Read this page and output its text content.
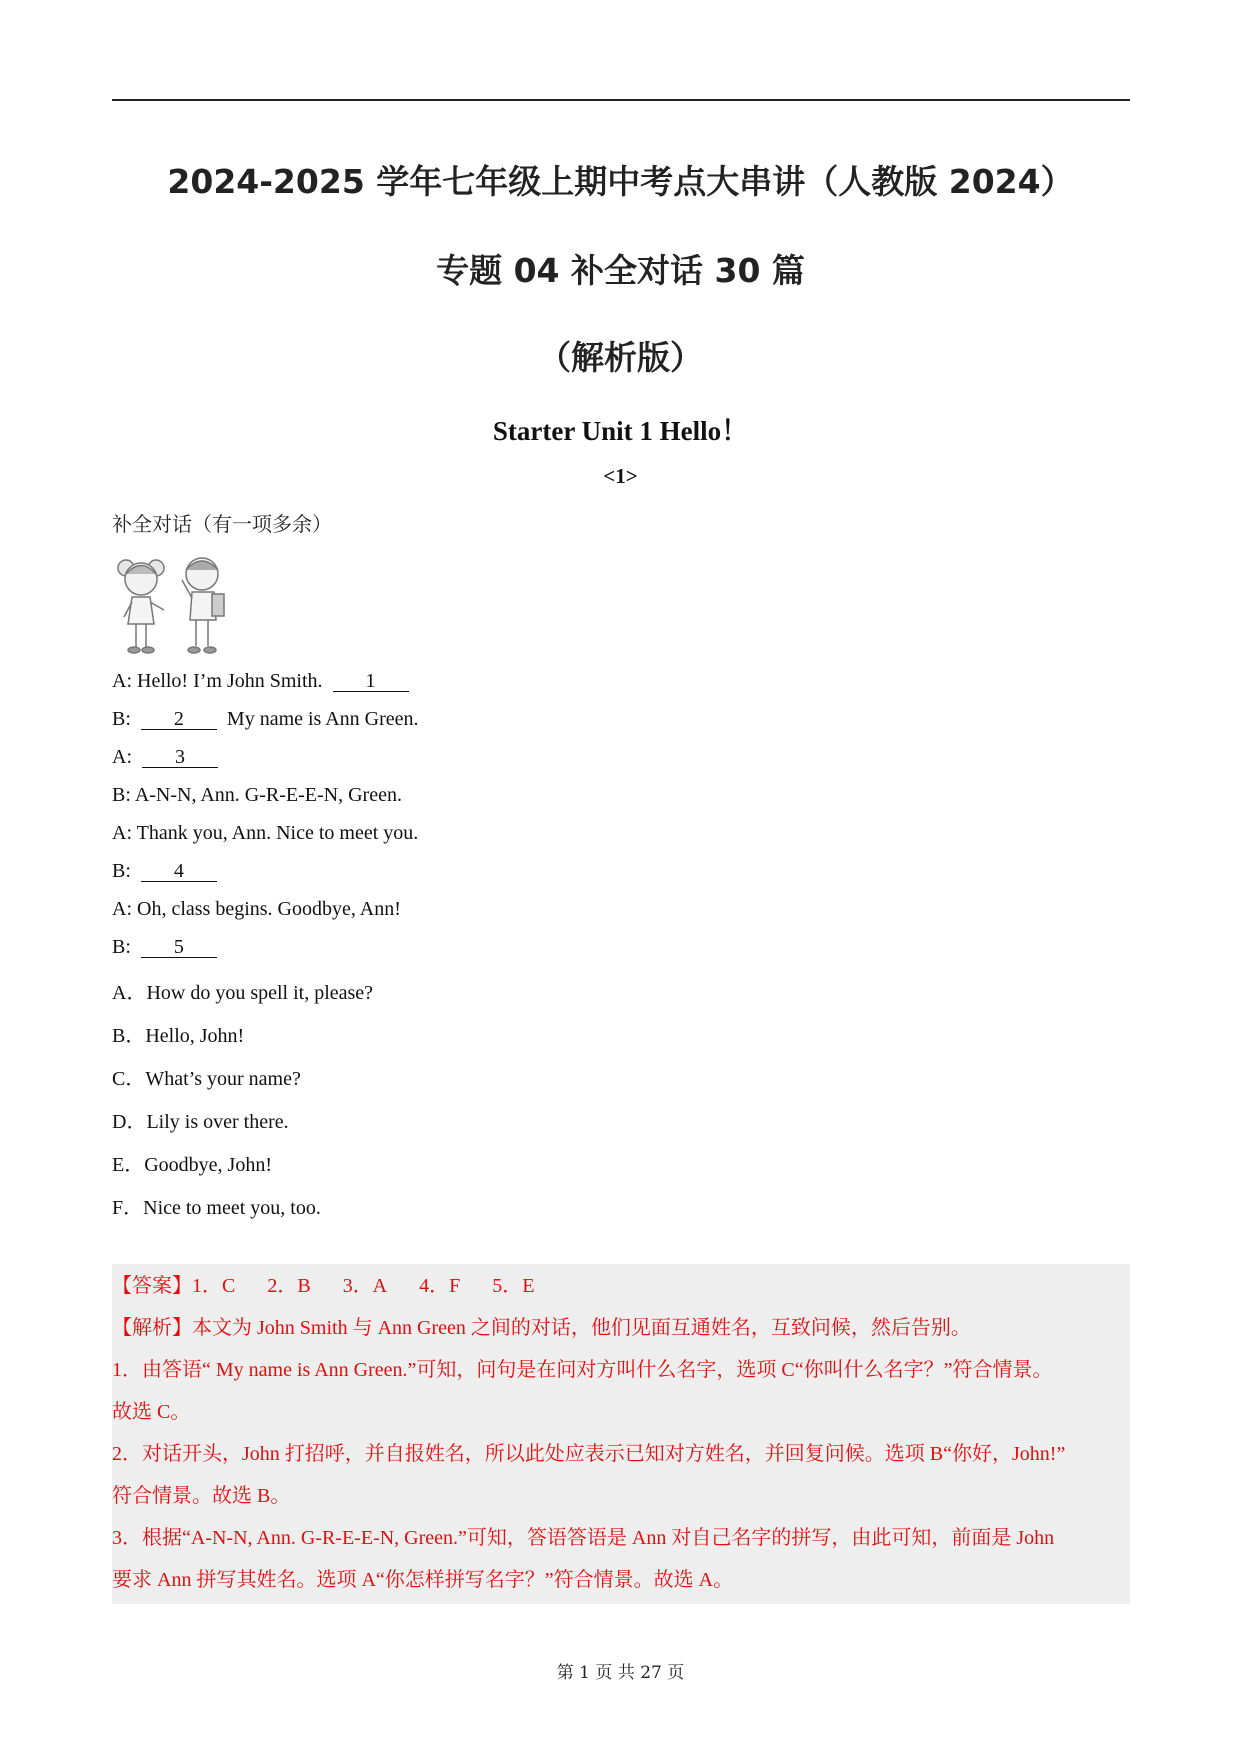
2024-2025 学年七年级上期中考点大串讲（人教版 2024）
专题 04 补全对话 30 篇
（解析版）
Starter Unit 1 Hello！
<1>
补全对话（有一项多余）
A: Hello! I’m John Smith. 1
B: 2 My name is Ann Green.
A: 3
B: A-N-N, Ann. G-R-E-E-N, Green.
A: Thank you, Ann. Nice to meet you.
B: 4
A: Oh, class begins. Goodbye, Ann!
B: 5
A．How do you spell it, please?
B．Hello, John!
C．What’s your name?
D．Lily is over there.
E．Goodbye, John!
F．Nice to meet you, too.
【答案】1．C 2．B 3．A 4．F 5．E
【解析】本文为 John Smith 与 Ann Green 之间的对话，他们见面互通姓名，互致问候，然后告别。
1．由答语“ My name is Ann Green.”可知，问句是在问对方叫什么名字，选项 C“你叫什么名字？”符合情景。
故选 C。
2．对话开头，John 打招呼，并自报姓名，所以此处应表示已知对方姓名，并回复问候。选项 B“你好，John!”
符合情景。故选 B。
3．根据“A-N-N, Ann. G-R-E-E-N, Green.”可知，答语答语是 Ann 对自己名字的拼写，由此可知，前面是 John
要求 Ann 拼写其姓名。选项 A“你怎样拼写名字？”符合情景。故选 A。
第 1 页 共 27 页
